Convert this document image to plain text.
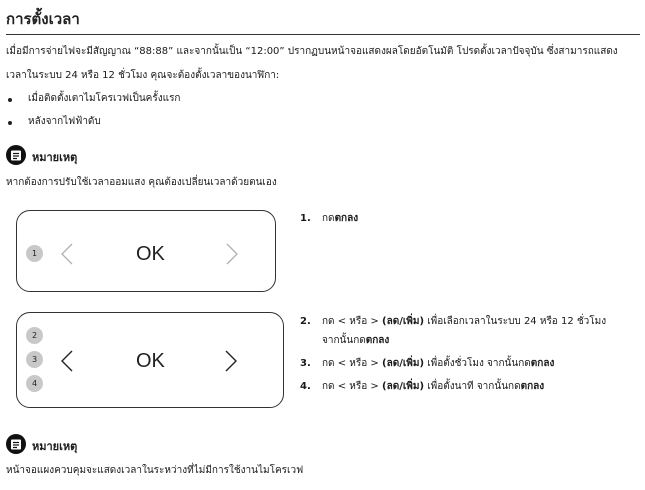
การตั้งเวลา
เมื่อมีการจ่ายไฟจะมีสัญญาณ “88:88” และจากนั้นเป็น “12:00” ปรากฏบนหน้าจอแสดงผลโดยอัตโนมัติ โปรดตั้งเวลาปัจจุบัน ซึ่งสามารถแสดง
เวลาในระบบ 24 หรือ 12 ชั่วโมง คุณจะต้องตั้งเวลาของนาฬิกา:
เมื่อติดตั้งเตาไมโครเวฟเป็นครั้งแรก
หลังจากไฟฟ้าดับ
หมายเหตุ
หากต้องการปรับใช้เวลาออมแสง คุณต้องเปลี่ยนเวลาด้วยตนเอง
1	OK
2
3
4
OK
1. กดตกลง
2. กด < หรือ > (ลด/เพิ่ม) เพื่อเลือกเวลาในระบบ 24 หรือ 12 ชั่วโมง
จากนั้นกดตกลง
3. กด < หรือ > (ลด/เพิ่ม) เพื่อตั้งชั่วโมง จากนั้นกดตกลง
4. กด < หรือ > (ลด/เพิ่ม) เพื่อตั้งนาที จากนั้นกดตกลง
หมายเหตุ
หน้าจอแผงควบคุมจะแสดงเวลาในระหว่างที่ไม่มีการใช้งานไมโครเวฟ
